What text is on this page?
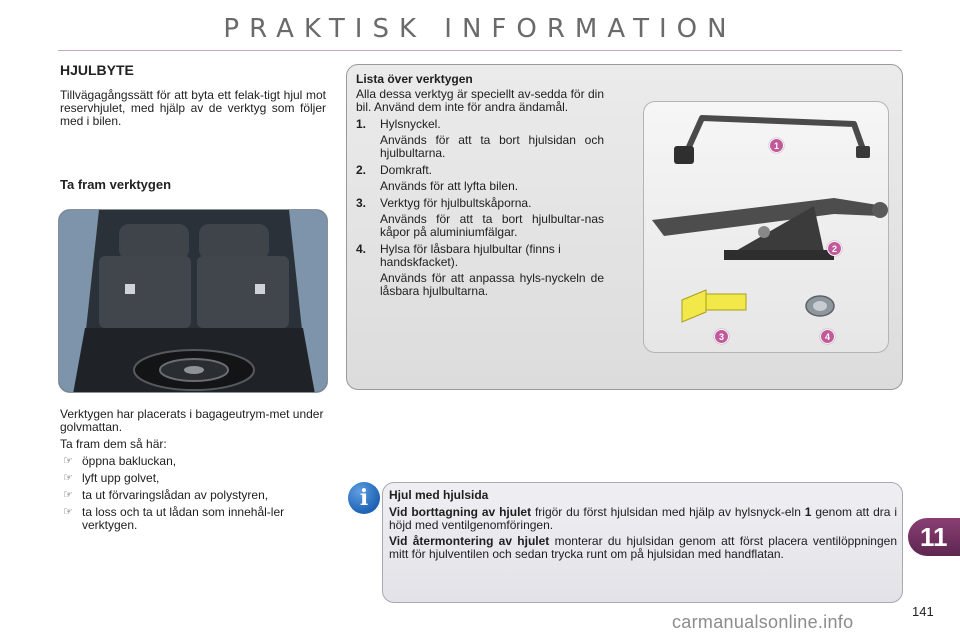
PRAKTISK INFORMATION
HJULBYTE
Tillvägagångssätt för att byta ett felak-tigt hjul mot reservhjulet, med hjälp av de verktyg som följer med i bilen.
Ta fram verktygen

Verktygen har placerats i bagageutrym-met under golvmattan.

Ta fram dem så här:

☞ öppna bakluckan,
☞ lyft upp golvet,
☞ ta ut förvaringslådan av polystyren,
☞ ta loss och ta ut lådan som innehål-ler verktygen.
Lista över verktygen
Alla dessa verktyg är speciellt av-sedda för din bil. Använd dem inte för andra ändamål.
1. Hylsnyckel.
Används för att ta bort hjulsidan och hjulbultarna.
2. Domkraft.
Används för att lyfta bilen.
3. Verktyg för hjulbultskåporna.
Används för att ta bort hjulbultar-nas kåpor på aluminiumfälgar.
4. Hylsa för låsbara hjulbultar (finns i handskfacket).
Används för att anpassa hyls-nyckeln de låsbara hjulbultarna.
1
2
3	4
i	Hjul med hjulsida
Vid borttagning av hjulet frigör du först hjulsidan med hjälp av hylsnyck-eln 1 genom att dra i höjd med ventilgenomföringen.
Vid återmontering av hjulet monterar du hjulsidan genom att först placera ventilöppningen mitt för hjulventilen och sedan trycka runt om på hjulsidan med handflatan.
11
141
carmanualsonline.info
